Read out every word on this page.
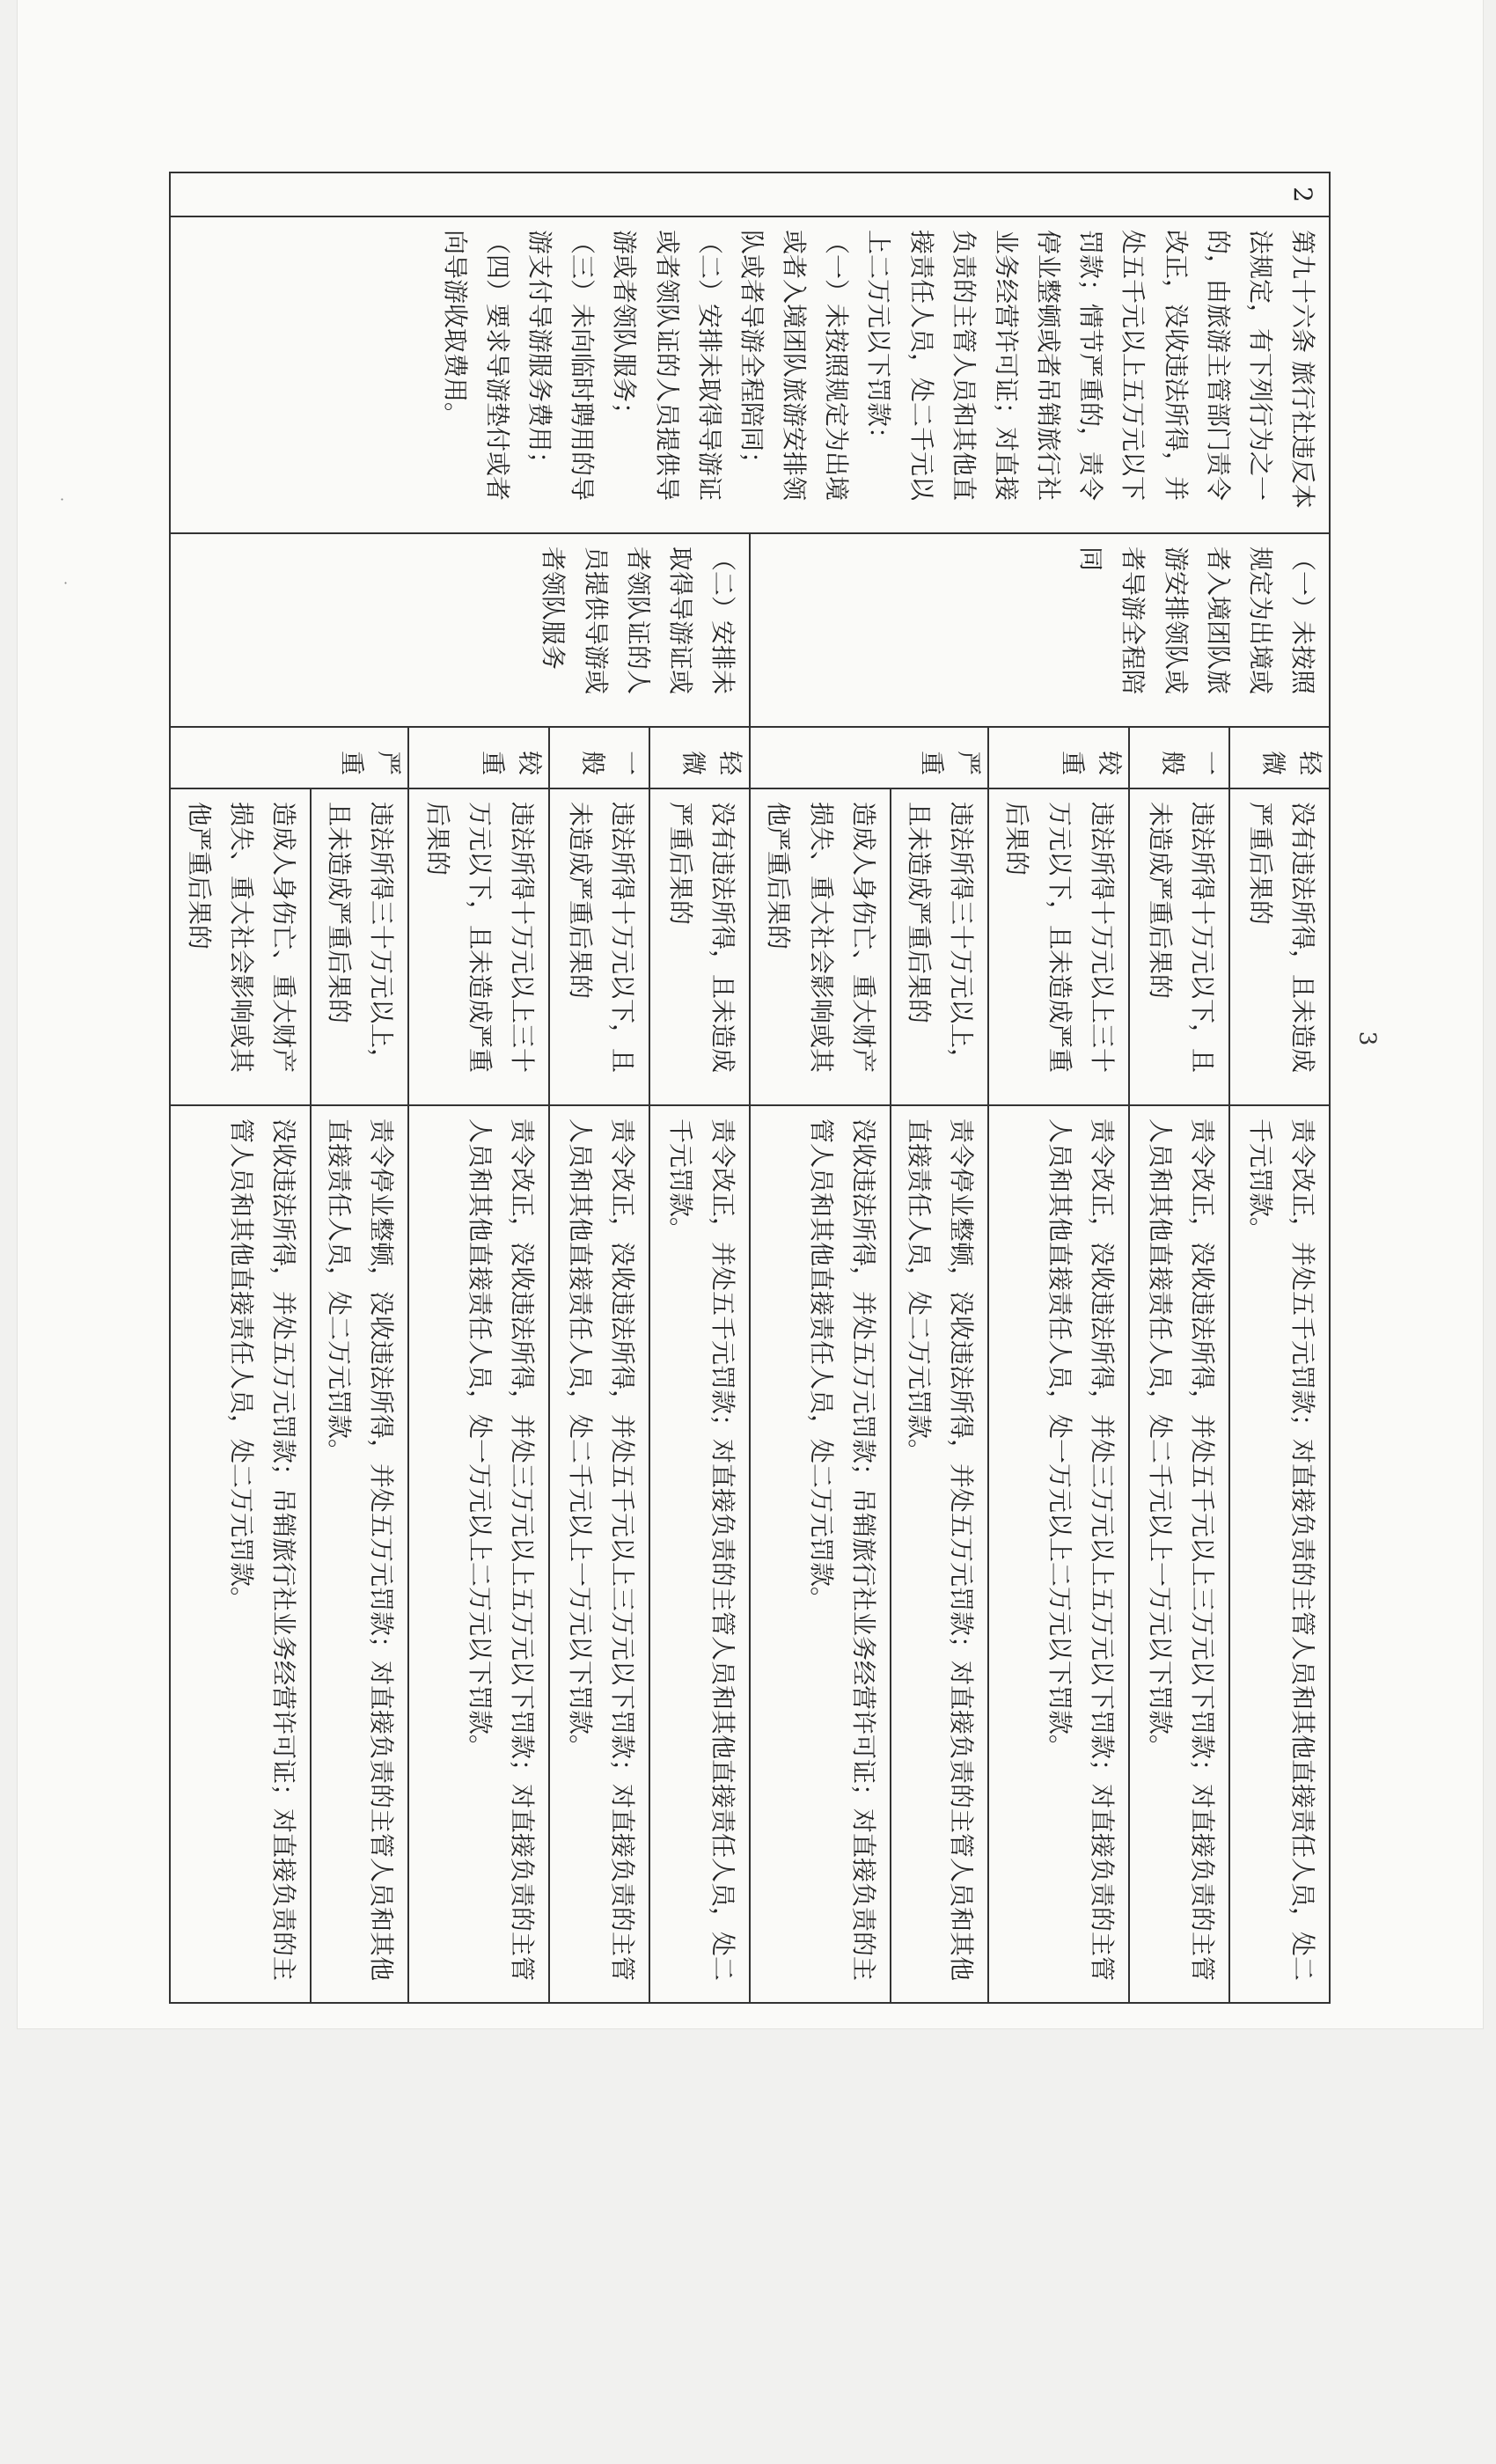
·
·
2	第九十六条 旅行社违反本法规定，有下列行为之一的，由旅游主管部门责令改正，没收违法所得，并处五千元以上五万元以下罚款；情节严重的，责令停业整顿或者吊销旅行社业务经营许可证；对直接负责的主管人员和其他直接责任人员，处二千元以上二万元以下罚款：

（一）未按照规定为出境或者入境团队旅游安排领队或者导游全程陪同；

（二）安排未取得导游证或者领队证的人员提供导游或者领队服务；

（三）未向临时聘用的导游支付导游服务费用；

（四）要求导游垫付或者向导游收取费用。	（一）未按照规定为出境或者入境团队旅游安排领队或者导游全程陪同	轻微	没有违法所得，且未造成严重后果的	责令改正，并处五千元罚款；对直接负责的主管人员和其他直接责任人员，处二千元罚款。
			一般	违法所得十万元以下，且未造成严重后果的	责令改正，没收违法所得，并处五千元以上三万元以下罚款；对直接负责的主管人员和其他直接责任人员，处二千元以上一万元以下罚款。
			较重	违法所得十万元以上三十万元以下，且未造成严重后果的	责令改正，没收违法所得，并处三万元以上五万元以下罚款；对直接负责的主管人员和其他直接责任人员，处一万元以上二万元以下罚款。
			严重	违法所得三十万元以上，且未造成严重后果的	责令停业整顿，没收违法所得，并处五万元罚款；对直接负责的主管人员和其他直接责任人员，处二万元罚款。
				造成人身伤亡、重大财产损失、重大社会影响或其他严重后果的	没收违法所得，并处五万元罚款；吊销旅行社业务经营许可证；对直接负责的主管人员和其他直接责任人员，处二万元罚款。
		（二）安排未取得导游证或者领队证的人员提供导游或者领队服务	轻微	没有违法所得，且未造成严重后果的	责令改正，并处五千元罚款；对直接负责的主管人员和其他直接责任人员，处二千元罚款。
			一般	违法所得十万元以下，且未造成严重后果的	责令改正，没收违法所得，并处五千元以上三万元以下罚款；对直接负责的主管人员和其他直接责任人员，处二千元以上一万元以下罚款。
			较重	违法所得十万元以上三十万元以下，且未造成严重后果的	责令改正，没收违法所得，并处三万元以上五万元以下罚款；对直接负责的主管人员和其他直接责任人员，处一万元以上二万元以下罚款。
			严重	违法所得三十万元以上，且未造成严重后果的	责令停业整顿，没收违法所得，并处五万元罚款；对直接负责的主管人员和其他直接责任人员，处二万元罚款。
				造成人身伤亡、重大财产损失、重大社会影响或其他严重后果的	没收违法所得，并处五万元罚款；吊销旅行社业务经营许可证；对直接负责的主管人员和其他直接责任人员，处二万元罚款。
3
